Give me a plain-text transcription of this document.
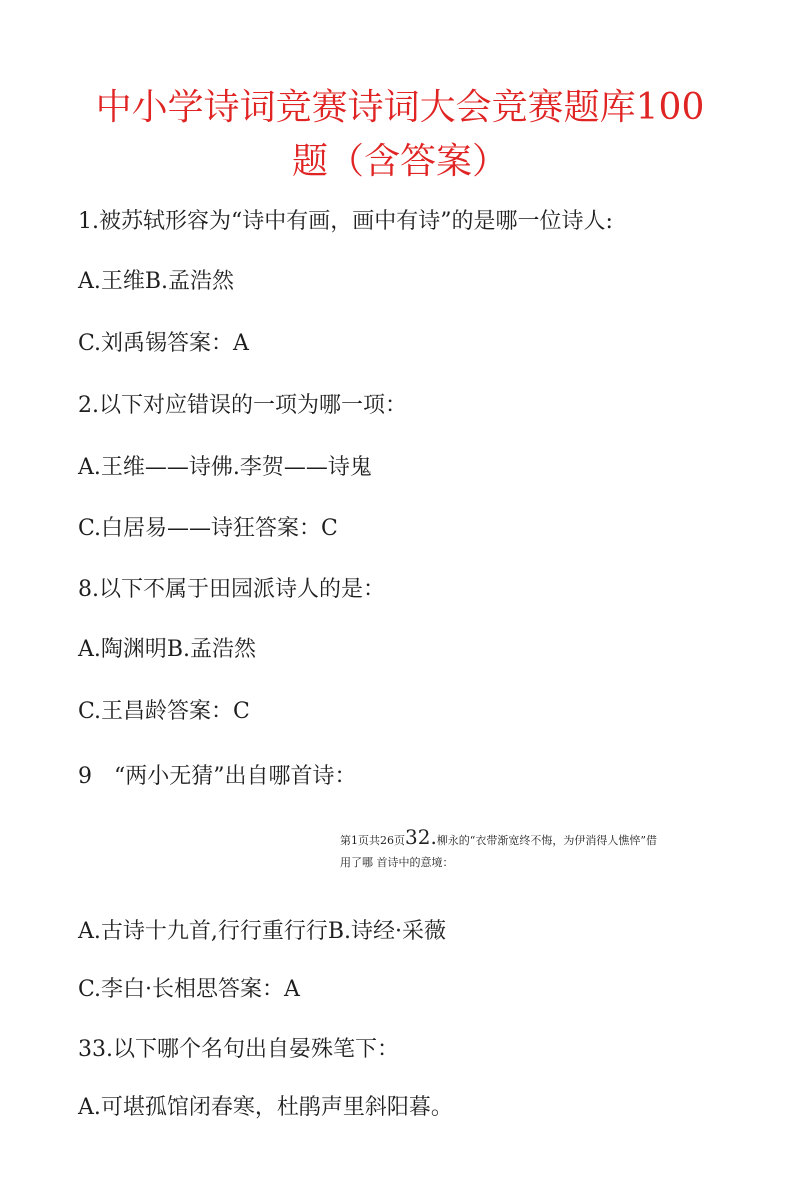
中小学诗词竞赛诗词大会竞赛题库100
题（含答案）
1.被苏轼形容为“诗中有画，画中有诗”的是哪一位诗人:
A.王维B.孟浩然
C.刘禹锡答案：A
2.以下对应错误的一项为哪一项：
A.王维——诗佛.李贺——诗鬼
C.白居易——诗狂答案：C
8.以下不属于田园派诗人的是：
A.陶渊明B.孟浩然
C.王昌龄答案：C
9　“两小无猜”出自哪首诗：
第1页共26页32.柳永的“衣带渐宽终不悔，为伊消得人憔悴”借
用了哪 首诗中的意境：
A.古诗十九首,行行重行行B.诗经·采薇
C.李白·长相思答案：A
33.以下哪个名句出自晏殊笔下：
A.可堪孤馆闭春寒，杜鹃声里斜阳暮。
